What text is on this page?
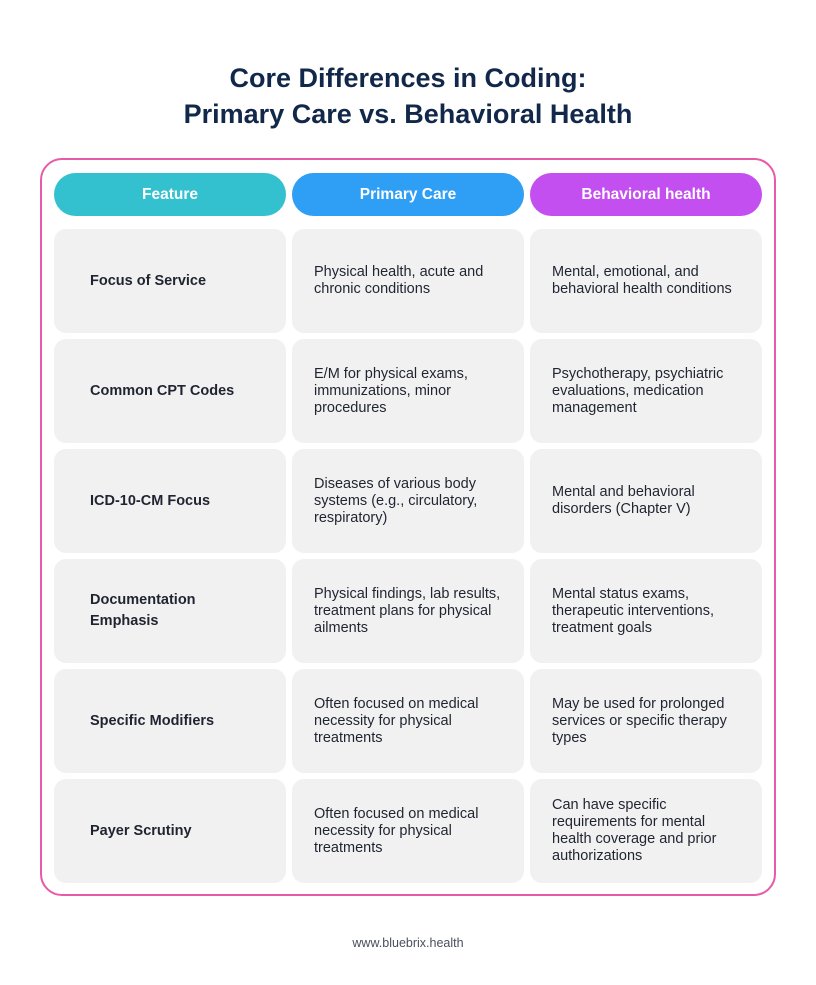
Core Differences in Coding:
Primary Care vs. Behavioral Health
Feature	Primary Care	Behavioral health
Focus of Service
Physical health, acute and chronic conditions
Mental, emotional, and behavioral health conditions
Common CPT Codes
E/M for physical exams, immunizations, minor procedures
Psychotherapy, psychiatric evaluations, medication management
ICD-10-CM Focus
Diseases of various body systems (e.g., circulatory, respiratory)
Mental and behavioral disorders (Chapter V)
Documentation Emphasis
Physical findings, lab results, treatment plans for physical ailments
Mental status exams, therapeutic interventions, treatment goals
Specific Modifiers
Often focused on medical necessity for physical treatments
May be used for prolonged services or specific therapy types
Payer Scrutiny
Often focused on medical necessity for physical treatments
Can have specific requirements for mental health coverage and prior authorizations
www.bluebrix.health
